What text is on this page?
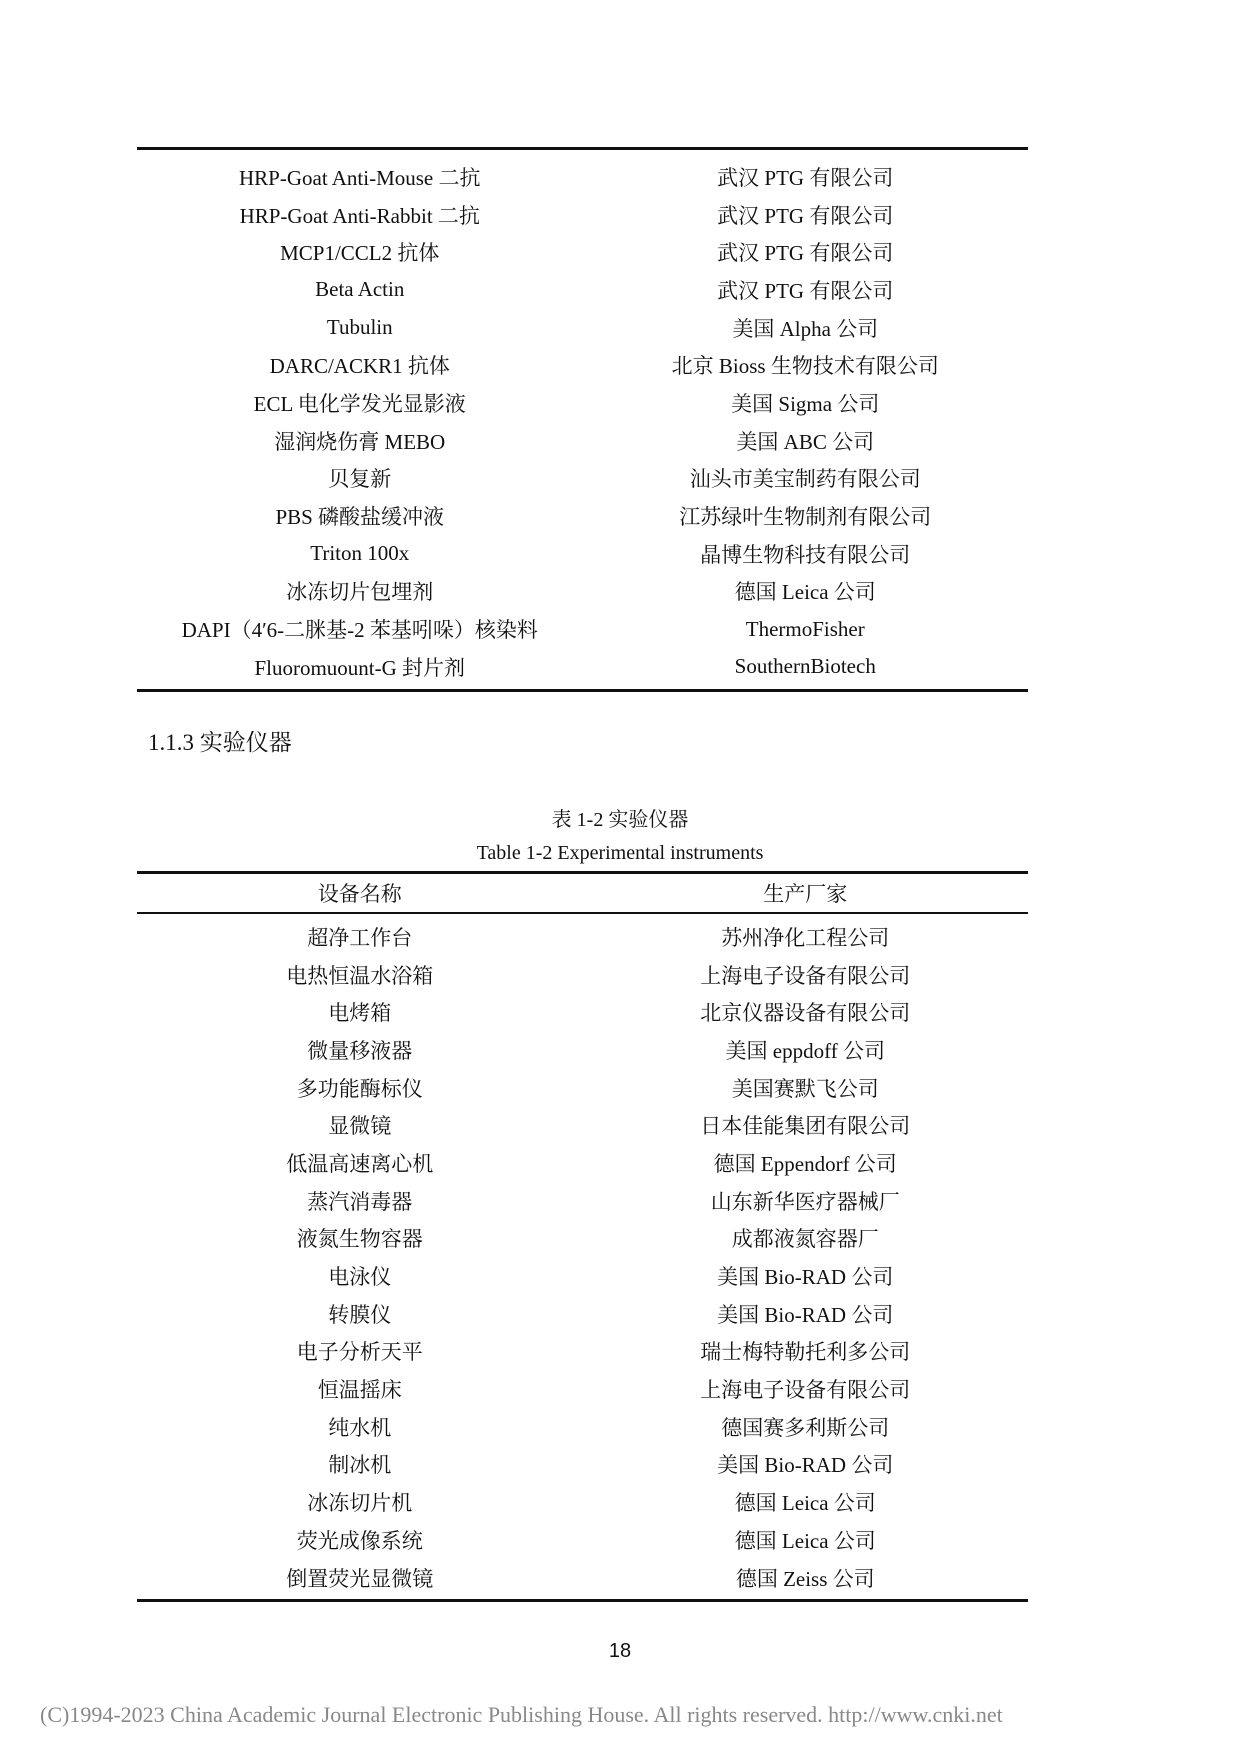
HRP-Goat Anti-Mouse 二抗	武汉 PTG 有限公司
HRP-Goat Anti-Rabbit 二抗	武汉 PTG 有限公司
MCP1/CCL2 抗体	武汉 PTG 有限公司
Beta Actin	武汉 PTG 有限公司
Tubulin	美国 Alpha 公司
DARC/ACKR1 抗体	北京 Bioss 生物技术有限公司
ECL 电化学发光显影液	美国 Sigma 公司
湿润烧伤膏 MEBO	美国 ABC 公司
贝复新	汕头市美宝制药有限公司
PBS 磷酸盐缓冲液	江苏绿叶生物制剂有限公司
Triton 100x	晶博生物科技有限公司
冰冻切片包埋剂	德国 Leica 公司
DAPI（4′6-二脒基-2 苯基吲哚）核染料	ThermoFisher
Fluoromuount-G 封片剂	SouthernBiotech
1.1.3 实验仪器
表 1-2 实验仪器
Table 1-2 Experimental instruments
设备名称	生产厂家
超净工作台	苏州净化工程公司
电热恒温水浴箱	上海电子设备有限公司
电烤箱	北京仪器设备有限公司
微量移液器	美国 eppdoff 公司
多功能酶标仪	美国赛默飞公司
显微镜	日本佳能集团有限公司
低温高速离心机	德国 Eppendorf 公司
蒸汽消毒器	山东新华医疗器械厂
液氮生物容器	成都液氮容器厂
电泳仪	美国 Bio-RAD 公司
转膜仪	美国 Bio-RAD 公司
电子分析天平	瑞士梅特勒托利多公司
恒温摇床	上海电子设备有限公司
纯水机	德国赛多利斯公司
制冰机	美国 Bio-RAD 公司
冰冻切片机	德国 Leica 公司
荧光成像系统	德国 Leica 公司
倒置荧光显微镜	德国 Zeiss 公司
18
(C)1994-2023 China Academic Journal Electronic Publishing House. All rights reserved. http://www.cnki.net
